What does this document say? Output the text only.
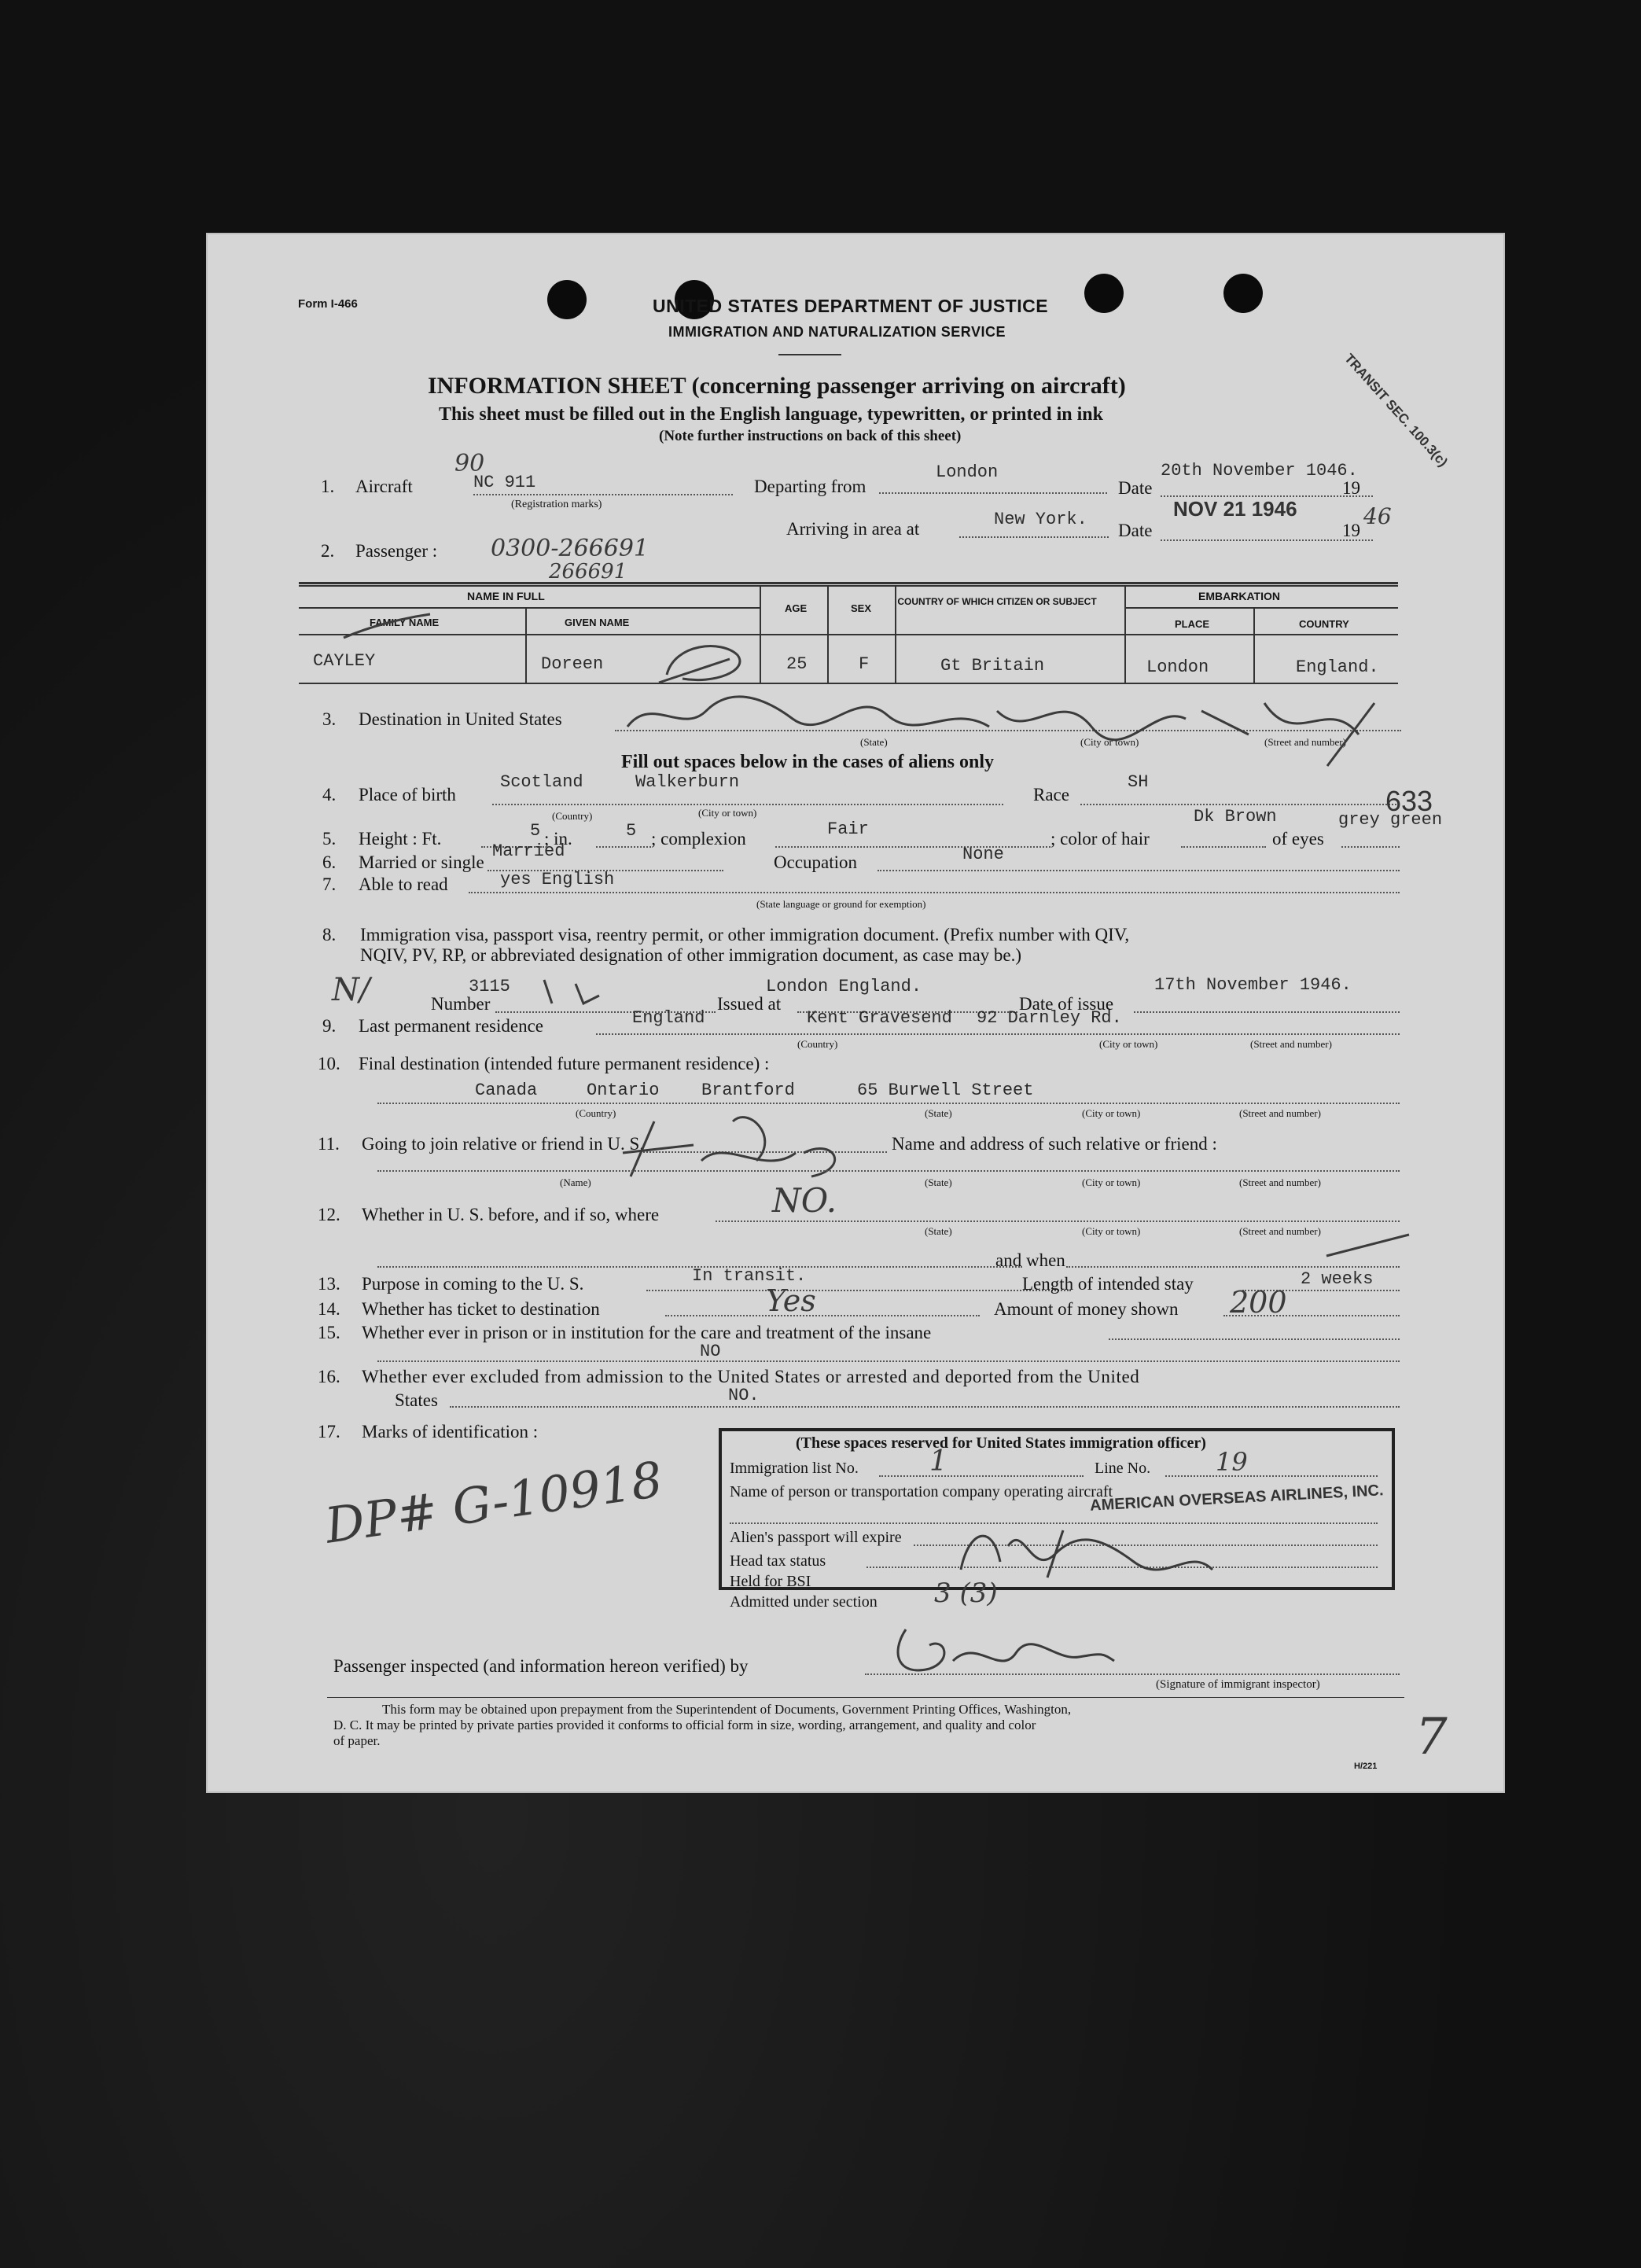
Form I-466	UNITED STATES DEPARTMENT OF JUSTICE
IMMIGRATION AND NATURALIZATION SERVICE
INFORMATION SHEET (concerning passenger arriving on aircraft)
This sheet must be filled out in the English language, typewritten, or printed in ink
(Note further instructions on back of this sheet)	TRANSIT SEC. 100.3(c)
1. Aircraft
90
NC 911
(Registration marks)
Departing from
London
Date
20th November 1046.
19
Arriving in area at	New York.
Date
NOV 21 1946
19
46
2. Passenger : 0300-266691
266691
NAME IN FULL
FAMILY NAME	GIVEN NAME
AGE	SEX
COUNTRY OF WHICH CITIZEN OR SUBJECT	EMBARKATION
PLACE	COUNTRY
CAYLEY	Doreen	25	F	Gt Britain	London	England.
3. Destination in United States
(State)	(City or town)	(Street and number)
Fill out spaces below in the cases of aliens only
4. Place of birth
Scotland	Walkerburn
(Country)	(City or town)
Race
SH
633
5. Height : Ft.	5 ; in.	5 ; complexion	Fair	; color of hair
Dk Brown
of eyes
grey green
6. Married or single
Married
Occupation	None
7. Able to read	yes English
(State language or ground for exemption)
8. Immigration visa, passport visa, reentry permit, or other immigration document. (Prefix number with QIV,
NQIV, PV, RP, or abbreviated designation of other immigration document, as case may be.)
N/	Number
3115
Issued at
London England.
Date of issue
17th November 1946.
9. Last permanent residence	England	Kent Gravesend 92 Darnley Rd.
(Country)	(City or town)	(Street and number)
10. Final destination (intended future permanent residence) :
Canada	Ontario Brantford	65 Burwell Street
(Country)	(State)	(City or town)	(Street and number)
11. Going to join relative or friend in U. S.	Name and address of such relative or friend :
(Name)	(State)	(City or town)	(Street and number)
12. Whether in U. S. before, and if so, where	NO.
(State)	(City or town)	(Street and number)
and when
13. Purpose in coming to the U. S.	In transit.	Length of intended stay	2 weeks
14. Whether has ticket to destination	Yes	Amount of money shown 200
15. Whether ever in prison or in institution for the care and treatment of the insane
NO
16. Whether ever excluded from admission to the United States or arrested and deported from the United
States	NO.
17. Marks of identification :
DP# G-10918
(These spaces reserved for United States immigration officer)
Immigration list No.	1	Line No.	19
Name of person or transportation company operating aircraft
AMERICAN OVERSEAS AIRLINES, INC.
Alien's passport will expire
Head tax status
Held for BSI
Admitted under section 3 (3)
Passenger inspected (and information hereon verified) by
(Signature of immigrant inspector)
This form may be obtained upon prepayment from the Superintendent of Documents, Government Printing Offices, Washington,
D. C. It may be printed by private parties provided it conforms to official form in size, wording, arrangement, and quality and color
of paper.
H/221 7
